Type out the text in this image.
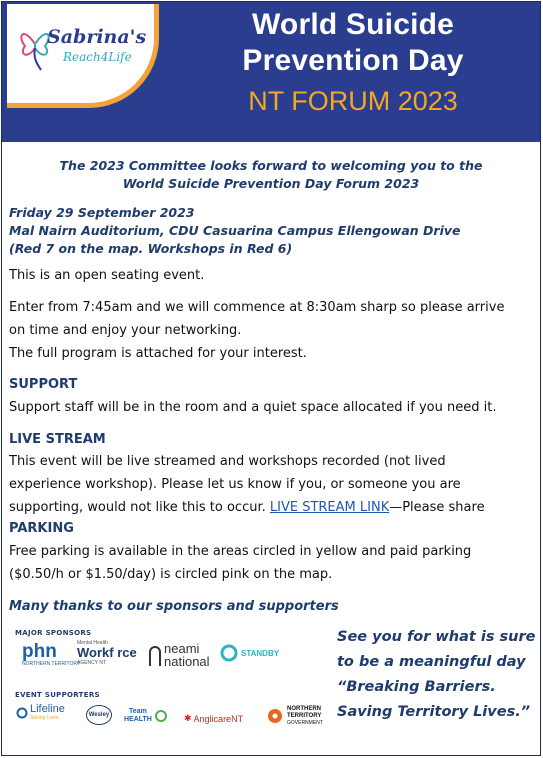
Sabrina's
Reach4Life
World Suicide
Prevention Day
NT FORUM 2023
The 2023 Committee looks forward to welcoming you to the
World Suicide Prevention Day Forum 2023
Friday 29 September 2023
Mal Nairn Auditorium, CDU Casuarina Campus Ellengowan Drive
(Red 7 on the map. Workshops in Red 6)
This is an open seating event.
Enter from 7:45am and we will commence at 8:30am sharp so please arrive
on time and enjoy your networking.
The full program is attached for your interest.
SUPPORT
Support staff will be in the room and a quiet space allocated if you need it.
LIVE STREAM
This event will be live streamed and workshops recorded (not lived
experience workshop). Please let us know if you, or someone you are
supporting, would not like this to occur. LIVE STREAM LINK—Please share
PARKING
Free parking is available in the areas circled in yellow and paid parking
($0.50/h or $1.50/day) is circled pink on the map.
Many thanks to our sponsors and supporters
MAJOR SPONSORS
phn
NORTHERN TERRITORY
Mental Health
Workf rce
AGENCY NT
neami
national
STANDBY
EVENT SUPPORTERS
Lifeline
Saving Lives	Wesley	Team
HEALTH	✱ AnglicareNT
NORTHERN
TERRITORY
GOVERNMENT
See you for what is sure
to be a meaningful day
“Breaking Barriers.
Saving Territory Lives.”
